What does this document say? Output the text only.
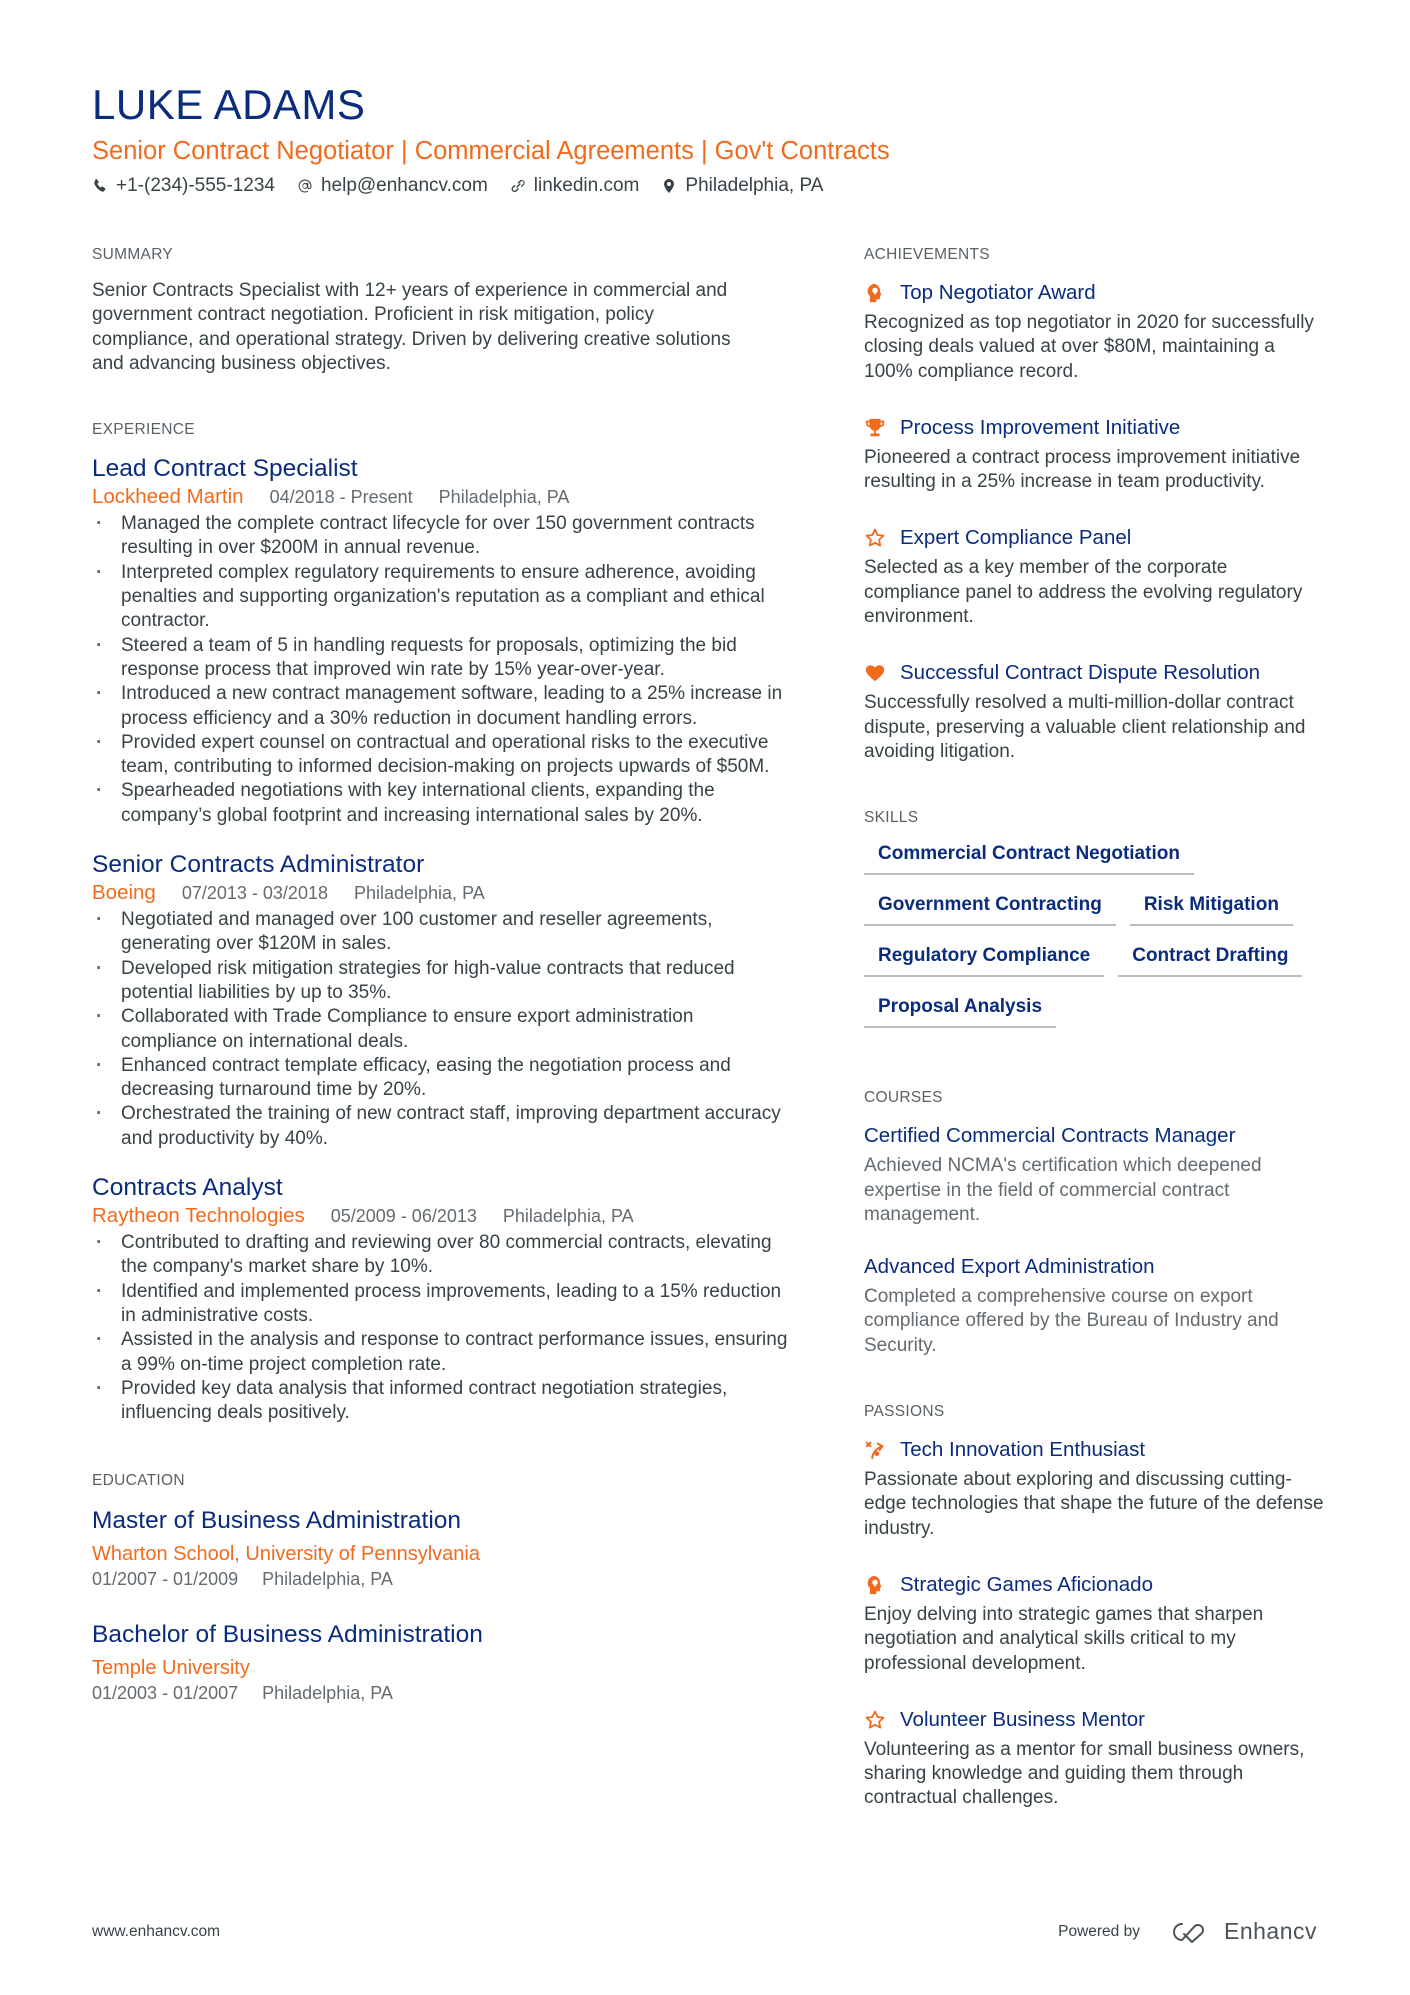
LUKE ADAMS
Senior Contract Negotiator | Commercial Agreements | Gov't Contracts
+1-(234)-555-1234 help@enhancv.com linkedin.com Philadelphia, PA
SUMMARY
Senior Contracts Specialist with 12+ years of experience in commercial and government contract negotiation. Proficient in risk mitigation, policy compliance, and operational strategy. Driven by delivering creative solutions and advancing business objectives.
EXPERIENCE
Lead Contract Specialist
Lockheed Martin 04/2018 - Present Philadelphia, PA
· Managed the complete contract lifecycle for over 150 government contracts resulting in over $200M in annual revenue.
· Interpreted complex regulatory requirements to ensure adherence, avoiding penalties and supporting organization's reputation as a compliant and ethical contractor.
· Steered a team of 5 in handling requests for proposals, optimizing the bid response process that improved win rate by 15% year-over-year.
· Introduced a new contract management software, leading to a 25% increase in process efficiency and a 30% reduction in document handling errors.
· Provided expert counsel on contractual and operational risks to the executive team, contributing to informed decision-making on projects upwards of $50M.
· Spearheaded negotiations with key international clients, expanding the company’s global footprint and increasing international sales by 20%.
Senior Contracts Administrator
Boeing 07/2013 - 03/2018 Philadelphia, PA
· Negotiated and managed over 100 customer and reseller agreements, generating over $120M in sales.
· Developed risk mitigation strategies for high-value contracts that reduced potential liabilities by up to 35%.
· Collaborated with Trade Compliance to ensure export administration compliance on international deals.
· Enhanced contract template efficacy, easing the negotiation process and decreasing turnaround time by 20%.
· Orchestrated the training of new contract staff, improving department accuracy and productivity by 40%.
Contracts Analyst
Raytheon Technologies 05/2009 - 06/2013 Philadelphia, PA
· Contributed to drafting and reviewing over 80 commercial contracts, elevating the company's market share by 10%.
· Identified and implemented process improvements, leading to a 15% reduction in administrative costs.
· Assisted in the analysis and response to contract performance issues, ensuring a 99% on-time project completion rate.
· Provided key data analysis that informed contract negotiation strategies, influencing deals positively.
EDUCATION
Master of Business Administration
Wharton School, University of Pennsylvania
01/2007 - 01/2009 Philadelphia, PA
Bachelor of Business Administration
Temple University
01/2003 - 01/2007 Philadelphia, PA
ACHIEVEMENTS
Top Negotiator Award
Recognized as top negotiator in 2020 for successfully closing deals valued at over $80M, maintaining a 100% compliance record.
Process Improvement Initiative
Pioneered a contract process improvement initiative resulting in a 25% increase in team productivity.
Expert Compliance Panel
Selected as a key member of the corporate compliance panel to address the evolving regulatory environment.
Successful Contract Dispute Resolution
Successfully resolved a multi-million-dollar contract dispute, preserving a valuable client relationship and avoiding litigation.
SKILLS
Commercial Contract Negotiation
Government Contracting	Risk Mitigation
Regulatory Compliance	Contract Drafting
Proposal Analysis
COURSES
Certified Commercial Contracts Manager
Achieved NCMA's certification which deepened expertise in the field of commercial contract management.
Advanced Export Administration
Completed a comprehensive course on export compliance offered by the Bureau of Industry and Security.
PASSIONS
Tech Innovation Enthusiast
Passionate about exploring and discussing cutting-edge technologies that shape the future of the defense industry.
Strategic Games Aficionado
Enjoy delving into strategic games that sharpen negotiation and analytical skills critical to my professional development.
Volunteer Business Mentor
Volunteering as a mentor for small business owners, sharing knowledge and guiding them through contractual challenges.
www.enhancv.com	Powered by	Enhancv
